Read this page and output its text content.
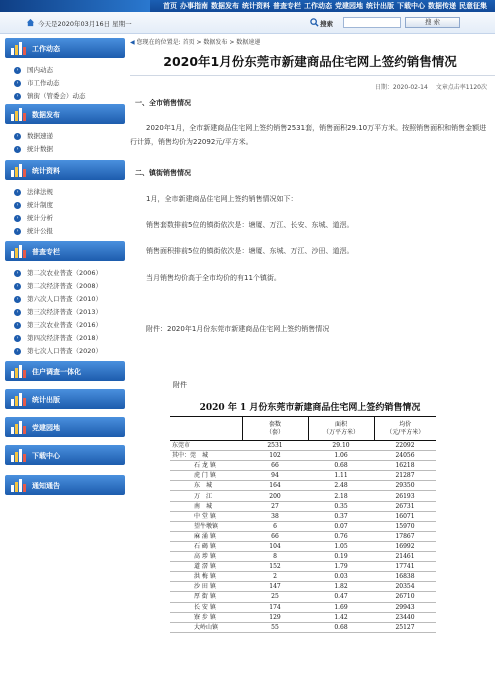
首页 办事指南 数据发布 统计资料 普查专栏 工作动态 党建园地 统计出版 下载中心 数据传递 民意征集
今天是2020年03月16日 星期一	搜索	搜 索
工作动态
›	国内动态
›	市工作动态
›	镇街（管委会）动态
数据发布
›	数据速递
›	统计数据
统计资料
›	法律法规
›	统计制度
›	统计分析
›	统计公报
普查专栏
›	第二次农业普查（2006）
›	第二次经济普查（2008）
›	第六次人口普查（2010）
›	第三次经济普查（2013）
›	第三次农业普查（2016）
›	第四次经济普查（2018）
›	第七次人口普查（2020）
住户调查一体化
统计出版
党建园地
下载中心
通知通告
◀ 您现在的位置是: 首页 > 数据发布 > 数据速递
2020年1月份东莞市新建商品住宅网上签约销售情况
日期：2020-02-14 文章点击率1120次
一、全市销售情况
2020年1月，全市新建商品住宅网上签约销售2531套，销售面积29.10万平方米。按照销售面积和销售金额进行计算，销售均价为22092元/平方米。
二、镇街销售情况
1月，全市新建商品住宅网上签约销售情况如下：
销售套数排前5位的镇街依次是：塘厦、万江、长安、东城、道滘。
销售面积排前5位的镇街依次是：塘厦、东城、万江、沙田、道滘。
当月销售均价高于全市均价的有11个镇街。
附件：2020年1月份东莞市新建商品住宅网上签约销售情况
附件
2020 年 1 月份东莞市新建商品住宅网上签约销售情况
	套数
（套）	面积
（万平方米）	均价
（元/平方米）
东莞市	2531	29.10	22092
其中：莞　城	102	1.06	24056
石 龙 镇	66	0.68	16218
虎 门 镇	94	1.11	21287
东　城	164	2.48	29350
万　江	200	2.18	26193
南　城	27	0.35	26731
中 堂 镇	38	0.37	16071
望牛墩镇	6	0.07	15970
麻 涌 镇	66	0.76	17867
石 碣 镇	104	1.05	16992
高 埗 镇	8	0.19	21461
道 滘 镇	152	1.79	17741
洪 梅 镇	2	0.03	16838
沙 田 镇	147	1.82	20354
厚 街 镇	25	0.47	26710
长 安 镇	174	1.69	29943
寮 步 镇	129	1.42	23440
大岭山镇	55	0.68	25127
